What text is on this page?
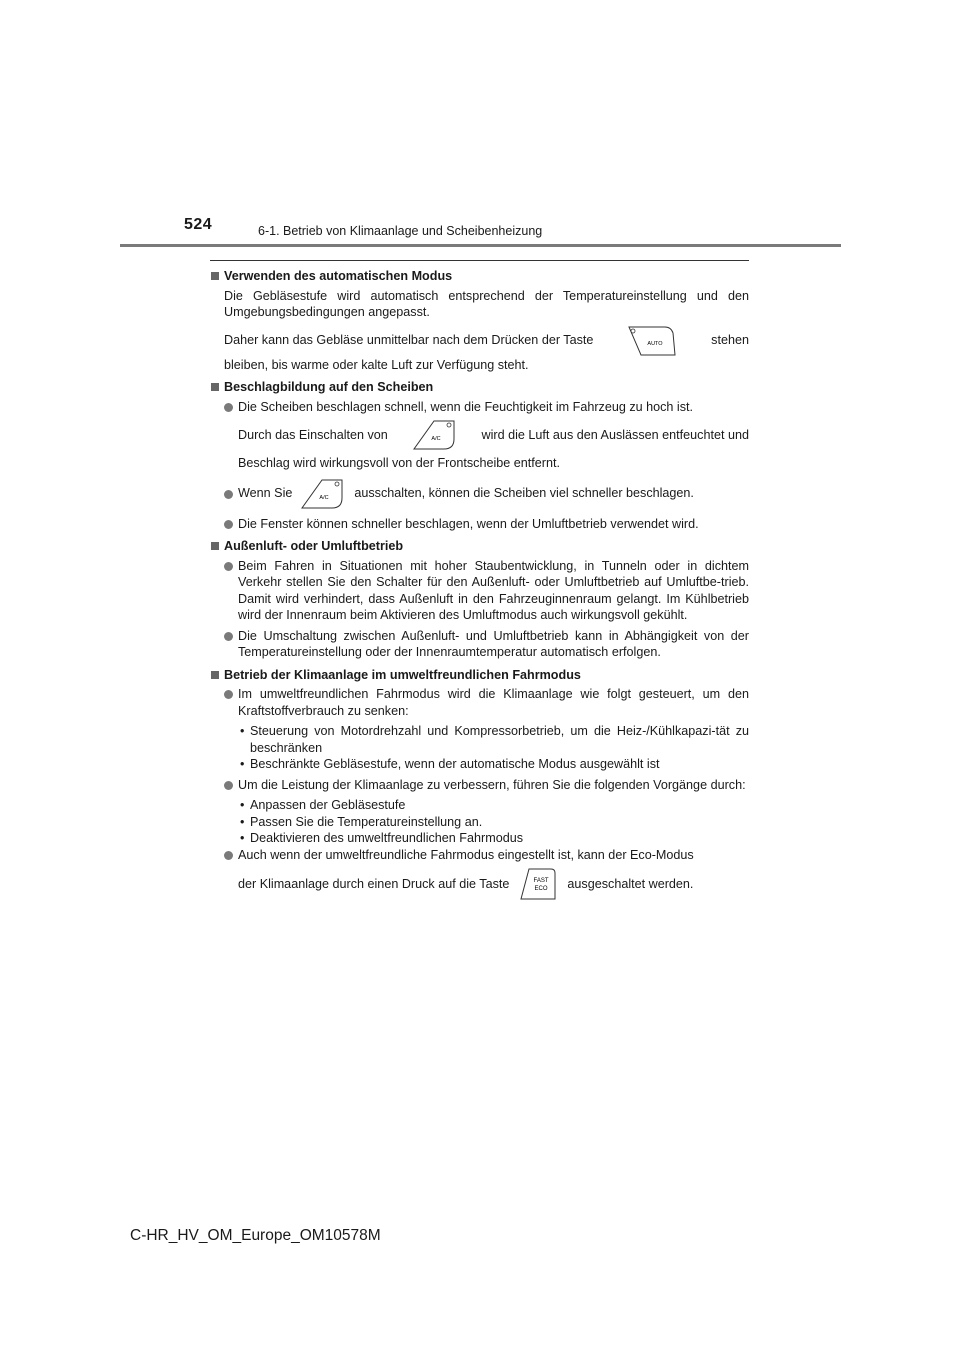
524	6-1. Betrieb von Klimaanlage und Scheibenheizung
Verwenden des automatischen Modus

Die Gebläsestufe wird automatisch entsprechend der Temperatureinstellung und den Umgebungsbedingungen angepasst.

Daher kann das Gebläse unmittelbar nach dem Drücken der Taste	AUTO	stehen

bleiben, bis warme oder kalte Luft zur Verfügung steht.

Beschlagbildung auf den Scheiben
Die Scheiben beschlagen schnell, wenn die Feuchtigkeit im Fahrzeug zu hoch ist.
Durch das Einschalten von	A/C	wird die Luft aus den Auslässen entfeuchtet und
Beschlag wird wirkungsvoll von der Frontscheibe entfernt.
Wenn Sie	A/C ausschalten, können die Scheiben viel schneller beschlagen.
Die Fenster können schneller beschlagen, wenn der Umluftbetrieb verwendet wird.
Außenluft- oder Umluftbetrieb
Beim Fahren in Situationen mit hoher Staubentwicklung, in Tunneln oder in dichtem Verkehr stellen Sie den Schalter für den Außenluft- oder Umluftbetrieb auf Umluftbe-trieb. Damit wird verhindert, dass Außenluft in den Fahrzeuginnenraum gelangt. Im Kühlbetrieb wird der Innenraum beim Aktivieren des Umluftmodus auch wirkungsvoll gekühlt.
Die Umschaltung zwischen Außenluft- und Umluftbetrieb kann in Abhängigkeit von der Temperatureinstellung oder der Innenraumtemperatur automatisch erfolgen.
Betrieb der Klimaanlage im umweltfreundlichen Fahrmodus
Im umweltfreundlichen Fahrmodus wird die Klimaanlage wie folgt gesteuert, um den Kraftstoffverbrauch zu senken:
• Steuerung von Motordrehzahl und Kompressorbetrieb, um die Heiz-/Kühlkapazi-tät zu beschränken
• Beschränkte Gebläsestufe, wenn der automatische Modus ausgewählt ist
Um die Leistung der Klimaanlage zu verbessern, führen Sie die folgenden Vorgänge durch:
• Anpassen der Gebläsestufe
• Passen Sie die Temperatureinstellung an.
• Deaktivieren des umweltfreundlichen Fahrmodus
Auch wenn der umweltfreundliche Fahrmodus eingestellt ist, kann der Eco-Modus
der Klimaanlage durch einen Druck auf die Taste	FAST
ECO ausgeschaltet werden.
C-HR_HV_OM_Europe_OM10578M
